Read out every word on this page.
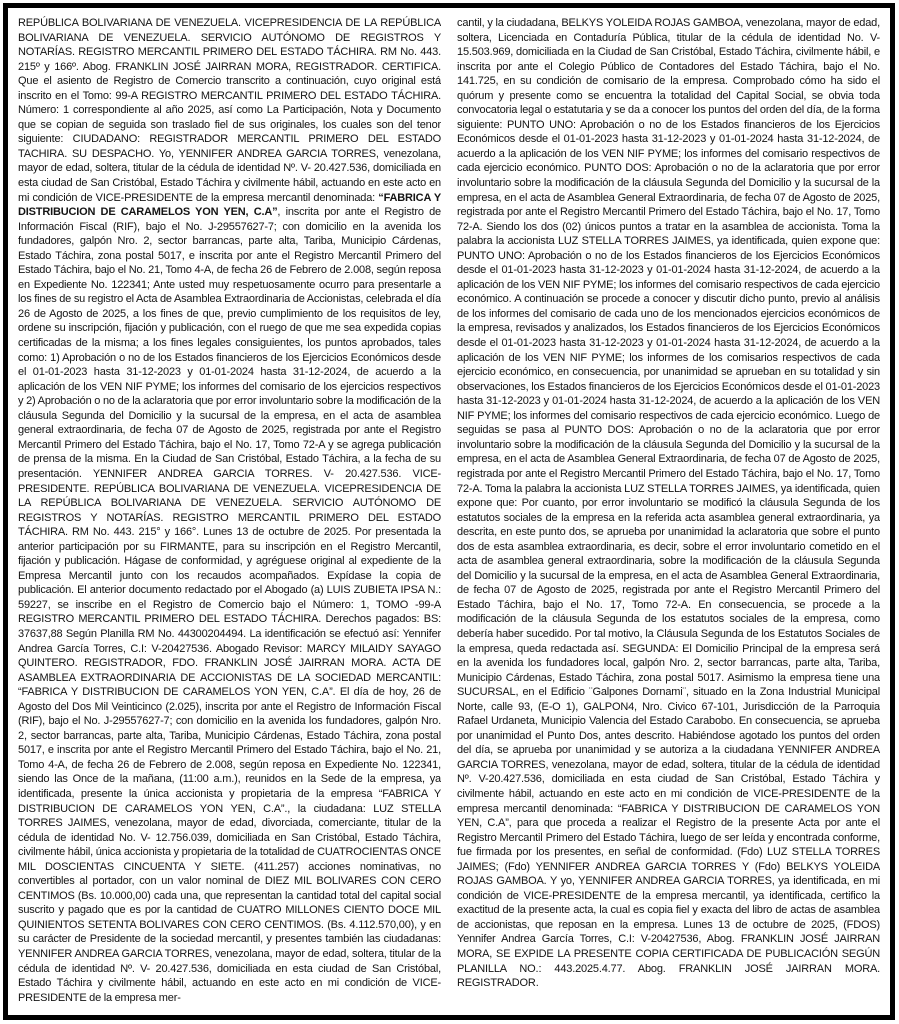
REPÚBLICA BOLIVARIANA DE VENEZUELA. VICEPRESIDENCIA DE LA REPÚBLICA BOLIVARIANA DE VENEZUELA. SERVICIO AUTÓNOMO DE REGISTROS Y NOTARÍAS. REGISTRO MERCANTIL PRIMERO DEL ESTADO TÁCHIRA. RM No. 443. 215º y 166º. Abog. FRANKLIN JOSÉ JAIRRAN MORA, REGISTRADOR. CERTIFICA. Que el asiento de Registro de Comercio transcrito a continuación, cuyo original está inscrito en el Tomo: 99-A REGISTRO MERCANTIL PRIMERO DEL ESTADO TÁCHIRA. Número: 1 correspondiente al año 2025, así como La Participación, Nota y Documento que se copian de seguida son traslado fiel de sus originales, los cuales son del tenor siguiente: CIUDADANO: REGISTRADOR MERCANTIL PRIMERO DEL ESTADO TACHIRA. SU DESPACHO. Yo, YENNIFER ANDREA GARCIA TORRES, venezolana, mayor de edad, soltera, titular de la cédula de identidad Nº. V- 20.427.536, domiciliada en esta ciudad de San Cristóbal, Estado Táchira y civilmente hábil, actuando en este acto en mi condición de VICE-PRESIDENTE de la empresa mercantil denominada: “FABRICA Y DISTRIBUCION DE CARAMELOS YON YEN, C.A”, inscrita por ante el Registro de Información Fiscal (RIF), bajo el No. J-29557627-7; con domicilio en la avenida los fundadores, galpón Nro. 2, sector barrancas, parte alta, Tariba, Municipio Cárdenas, Estado Táchira, zona postal 5017, e inscrita por ante el Registro Mercantil Primero del Estado Táchira, bajo el No. 21, Tomo 4-A, de fecha 26 de Febrero de 2.008, según reposa en Expediente No. 122341; Ante usted muy respetuosamente ocurro para presentarle a los fines de su registro el Acta de Asamblea Extraordinaria de Accionistas, celebrada el día 26 de Agosto de 2025, a los fines de que, previo cumplimiento de los requisitos de ley, ordene su inscripción, fijación y publicación, con el ruego de que me sea expedida copias certificadas de la misma; a los fines legales consiguientes, los puntos aprobados, tales como: 1) Aprobación o no de los Estados financieros de los Ejercicios Económicos desde el 01-01-2023 hasta 31-12-2023 y 01-01-2024 hasta 31-12-2024, de acuerdo a la aplicación de los VEN NIF PYME; los informes del comisario de los ejercicios respectivos y 2) Aprobación o no de la aclaratoria que por error involuntario sobre la modificación de la cláusula Segunda del Domicilio y la sucursal de la empresa, en el acta de asamblea general extraordinaria, de fecha 07 de Agosto de 2025, registrada por ante el Registro Mercantil Primero del Estado Táchira, bajo el No. 17, Tomo 72-A y se agrega publicación de prensa de la misma. En la Ciudad de San Cristóbal, Estado Táchira, a la fecha de su presentación. YENNIFER ANDREA GARCIA TORRES. V- 20.427.536. VICE-PRESIDENTE. REPÚBLICA BOLIVARIANA DE VENEZUELA. VICEPRESIDENCIA DE LA REPÚBLICA BOLIVARIANA DE VENEZUELA. SERVICIO AUTÓNOMO DE REGISTROS Y NOTARÍAS. REGISTRO MERCANTIL PRIMERO DEL ESTADO TÁCHIRA. RM No. 443. 215° y 166°. Lunes 13 de octubre de 2025. Por presentada la anterior participación por su FIRMANTE, para su inscripción en el Registro Mercantil, fijación y publicación. Hágase de conformidad, y agréguese original al expediente de la Empresa Mercantil junto con los recaudos acompañados. Expídase la copia de publicación. El anterior documento redactado por el Abogado (a) LUIS ZUBIETA IPSA N.: 59227, se inscribe en el Registro de Comercio bajo el Número: 1, TOMO -99-A REGISTRO MERCANTIL PRIMERO DEL ESTADO TÁCHIRA. Derechos pagados: BS: 37637,88 Según Planilla RM No. 44300204494. La identificación se efectuó así: Yennifer Andrea García Torres, C.I: V-20427536. Abogado Revisor: MARCY MILAIDY SAYAGO QUINTERO. REGISTRADOR, FDO. FRANKLIN JOSÉ JAIRRAN MORA. ACTA DE ASAMBLEA EXTRAORDINARIA DE ACCIONISTAS DE LA SOCIEDAD MERCANTIL: “FABRICA Y DISTRIBUCION DE CARAMELOS YON YEN, C.A”. El día de hoy, 26 de Agosto del Dos Mil Veinticinco (2.025), inscrita por ante el Registro de Información Fiscal (RIF), bajo el No. J-29557627-7; con domicilio en la avenida los fundadores, galpón Nro. 2, sector barrancas, parte alta, Tariba, Municipio Cárdenas, Estado Táchira, zona postal 5017, e inscrita por ante el Registro Mercantil Primero del Estado Táchira, bajo el No. 21, Tomo 4-A, de fecha 26 de Febrero de 2.008, según reposa en Expediente No. 122341, siendo las Once de la mañana, (11:00 a.m.), reunidos en la Sede de la empresa, ya identificada, presente la única accionista y propietaria de la empresa “FABRICA Y DISTRIBUCION DE CARAMELOS YON YEN, C.A”., la ciudadana: LUZ STELLA TORRES JAIMES, venezolana, mayor de edad, divorciada, comerciante, titular de la cédula de identidad No. V- 12.756.039, domiciliada en San Cristóbal, Estado Táchira, civilmente hábil, única accionista y propietaria de la totalidad de CUATROCIENTAS ONCE MIL DOSCIENTAS CINCUENTA Y SIETE. (411.257) acciones nominativas, no convertibles al portador, con un valor nominal de DIEZ MIL BOLIVARES CON CERO CENTIMOS (Bs. 10.000,00) cada una, que representan la cantidad total del capital social suscrito y pagado que es por la cantidad de CUATRO MILLONES CIENTO DOCE MIL QUINIENTOS SETENTA BOLIVARES CON CERO CENTIMOS. (Bs. 4.112.570,00), y en su carácter de Presidente de la sociedad mercantil, y presentes también las ciudadanas: YENNIFER ANDREA GARCIA TORRES, venezolana, mayor de edad, soltera, titular de la cédula de identidad Nº. V- 20.427.536, domiciliada en esta ciudad de San Cristóbal, Estado Táchira y civilmente hábil, actuando en este acto en mi condición de VICE-PRESIDENTE de la empresa mer-
cantil, y la ciudadana, BELKYS YOLEIDA ROJAS GAMBOA, venezolana, mayor de edad, soltera, Licenciada en Contaduría Pública, titular de la cédula de identidad No. V-15.503.969, domiciliada en la Ciudad de San Cristóbal, Estado Táchira, civilmente hábil, e inscrita por ante el Colegio Público de Contadores del Estado Táchira, bajo el No. 141.725, en su condición de comisario de la empresa. Comprobado cómo ha sido el quórum y presente como se encuentra la totalidad del Capital Social, se obvia toda convocatoria legal o estatutaria y se da a conocer los puntos del orden del día, de la forma siguiente: PUNTO UNO: Aprobación o no de los Estados financieros de los Ejercicios Económicos desde el 01-01-2023 hasta 31-12-2023 y 01-01-2024 hasta 31-12-2024, de acuerdo a la aplicación de los VEN NIF PYME; los informes del comisario respectivos de cada ejercicio económico. PUNTO DOS: Aprobación o no de la aclaratoria que por error involuntario sobre la modificación de la cláusula Segunda del Domicilio y la sucursal de la empresa, en el acta de Asamblea General Extraordinaria, de fecha 07 de Agosto de 2025, registrada por ante el Registro Mercantil Primero del Estado Táchira, bajo el No. 17, Tomo 72-A. Siendo los dos (02) únicos puntos a tratar en la asamblea de accionista. Toma la palabra la accionista LUZ STELLA TORRES JAIMES, ya identificada, quien expone que: PUNTO UNO: Aprobación o no de los Estados financieros de los Ejercicios Económicos desde el 01-01-2023 hasta 31-12-2023 y 01-01-2024 hasta 31-12-2024, de acuerdo a la aplicación de los VEN NIF PYME; los informes del comisario respectivos de cada ejercicio económico. A continuación se procede a conocer y discutir dicho punto, previo al análisis de los informes del comisario de cada uno de los mencionados ejercicios económicos de la empresa, revisados y analizados, los Estados financieros de los Ejercicios Económicos desde el 01-01-2023 hasta 31-12-2023 y 01-01-2024 hasta 31-12-2024, de acuerdo a la aplicación de los VEN NIF PYME; los informes de los comisarios respectivos de cada ejercicio económico, en consecuencia, por unanimidad se aprueban en su totalidad y sin observaciones, los Estados financieros de los Ejercicios Económicos desde el 01-01-2023 hasta 31-12-2023 y 01-01-2024 hasta 31-12-2024, de acuerdo a la aplicación de los VEN NIF PYME; los informes del comisario respectivos de cada ejercicio económico. Luego de seguidas se pasa al PUNTO DOS: Aprobación o no de la aclaratoria que por error involuntario sobre la modificación de la cláusula Segunda del Domicilio y la sucursal de la empresa, en el acta de Asamblea General Extraordinaria, de fecha 07 de Agosto de 2025, registrada por ante el Registro Mercantil Primero del Estado Táchira, bajo el No. 17, Tomo 72-A. Toma la palabra la accionista LUZ STELLA TORRES JAIMES, ya identificada, quien expone que: Por cuanto, por error involuntario se modificó la cláusula Segunda de los estatutos sociales de la empresa en la referida acta asamblea general extraordinaria, ya descrita, en este punto dos, se aprueba por unanimidad la aclaratoria que sobre el punto dos de esta asamblea extraordinaria, es decir, sobre el error involuntario cometido en el acta de asamblea general extraordinaria, sobre la modificación de la cláusula Segunda del Domicilio y la sucursal de la empresa, en el acta de Asamblea General Extraordinaria, de fecha 07 de Agosto de 2025, registrada por ante el Registro Mercantil Primero del Estado Táchira, bajo el No. 17, Tomo 72-A. En consecuencia, se procede a la modificación de la cláusula Segunda de los estatutos sociales de la empresa, como debería haber sucedido. Por tal motivo, la Cláusula Segunda de los Estatutos Sociales de la empresa, queda redactada así. SEGUNDA: El Domicilio Principal de la empresa será en la avenida los fundadores local, galpón Nro. 2, sector barrancas, parte alta, Tariba, Municipio Cárdenas, Estado Táchira, zona postal 5017. Asimismo la empresa tiene una SUCURSAL, en el Edificio ¨Galpones Dornami¨, situado en la Zona Industrial Municipal Norte, calle 93, (E-O 1), GALPON4, Nro. Civico 67-101, Jurisdicción de la Parroquia Rafael Urdaneta, Municipio Valencia del Estado Carabobo. En consecuencia, se aprueba por unanimidad el Punto Dos, antes descrito. Habiéndose agotado los puntos del orden del día, se aprueba por unanimidad y se autoriza a la ciudadana YENNIFER ANDREA GARCIA TORRES, venezolana, mayor de edad, soltera, titular de la cédula de identidad Nº. V-20.427.536, domiciliada en esta ciudad de San Cristóbal, Estado Táchira y civilmente hábil, actuando en este acto en mi condición de VICE-PRESIDENTE de la empresa mercantil denominada: “FABRICA Y DISTRIBUCION DE CARAMELOS YON YEN, C.A”, para que proceda a realizar el Registro de la presente Acta por ante el Registro Mercantil Primero del Estado Táchira, luego de ser leída y encontrada conforme, fue firmada por los presentes, en señal de conformidad. (Fdo) LUZ STELLA TORRES JAIMES; (Fdo) YENNIFER ANDREA GARCIA TORRES Y (Fdo) BELKYS YOLEIDA ROJAS GAMBOA. Y yo, YENNIFER ANDREA GARCIA TORRES, ya identificada, en mi condición de VICE-PRESIDENTE de la empresa mercantil, ya identificada, certifico la exactitud de la presente acta, la cual es copia fiel y exacta del libro de actas de asamblea de accionistas, que reposan en la empresa. Lunes 13 de octubre de 2025, (FDOS) Yennifer Andrea García Torres, C.I: V-20427536, Abog. FRANKLIN JOSÉ JAIRRAN MORA, SE EXPIDE LA PRESENTE COPIA CERTIFICADA DE PUBLICACIÓN SEGÚN PLANILLA NO.: 443.2025.4.77. Abog. FRANKLIN JOSÉ JAIRRAN MORA. REGISTRADOR.
